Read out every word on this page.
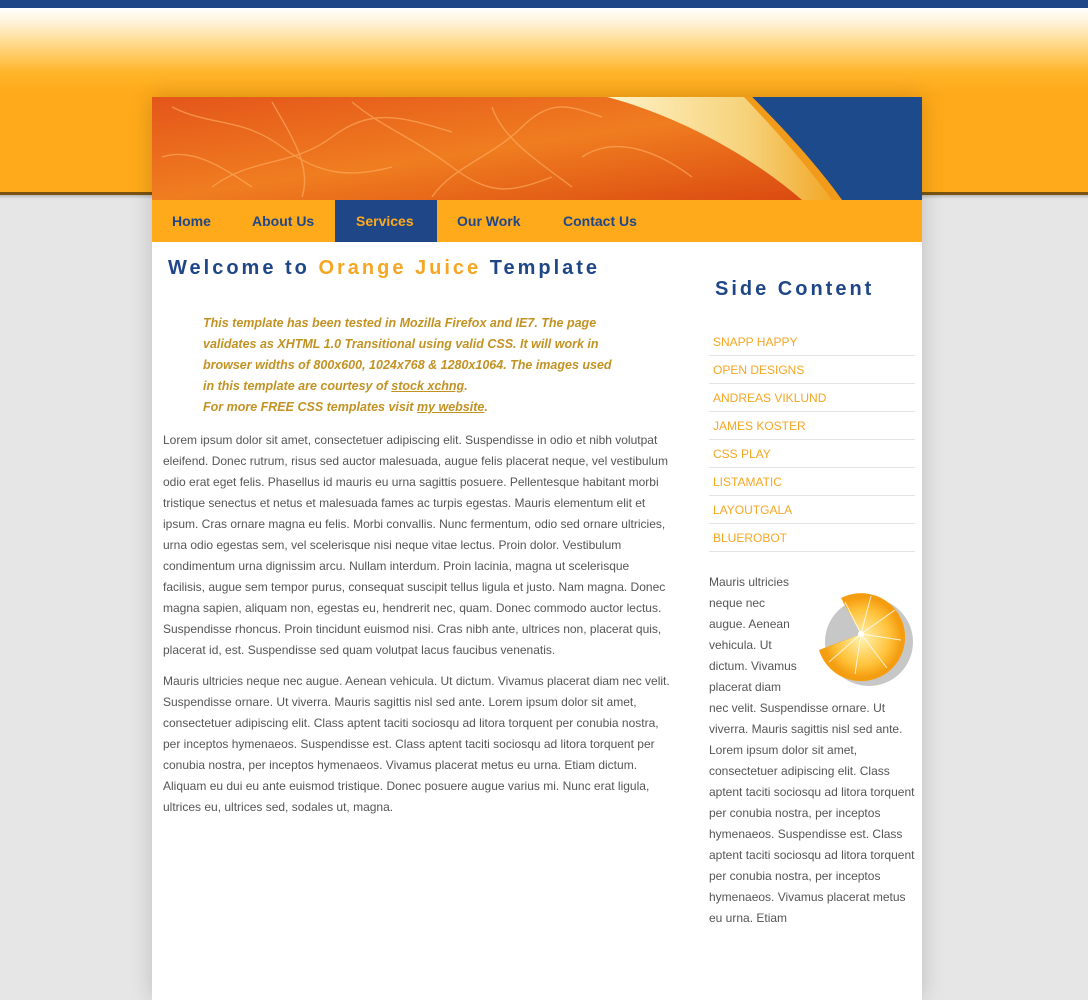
Home	About Us	Services	Our Work	Contact Us
Welcome to Orange Juice Template
This template has been tested in Mozilla Firefox and IE7. The page validates as XHTML 1.0 Transitional using valid CSS. It will work in browser widths of 800x600, 1024x768 & 1280x1064. The images used in this template are courtesy of stock xchng.
For more FREE CSS templates visit my website.

Lorem ipsum dolor sit amet, consectetuer adipiscing elit. Suspendisse in odio et nibh volutpat eleifend. Donec rutrum, risus sed auctor malesuada, augue felis placerat neque, vel vestibulum odio erat eget felis. Phasellus id mauris eu urna sagittis posuere. Pellentesque habitant morbi tristique senectus et netus et malesuada fames ac turpis egestas. Mauris elementum elit et ipsum. Cras ornare magna eu felis. Morbi convallis. Nunc fermentum, odio sed ornare ultricies, urna odio egestas sem, vel scelerisque nisi neque vitae lectus. Proin dolor. Vestibulum condimentum urna dignissim arcu. Nullam interdum. Proin lacinia, magna ut scelerisque facilisis, augue sem tempor purus, consequat suscipit tellus ligula et justo. Nam magna. Donec magna sapien, aliquam non, egestas eu, hendrerit nec, quam. Donec commodo auctor lectus. Suspendisse rhoncus. Proin tincidunt euismod nisi. Cras nibh ante, ultrices non, placerat quis, placerat id, est. Suspendisse sed quam volutpat lacus faucibus venenatis.

Mauris ultricies neque nec augue. Aenean vehicula. Ut dictum. Vivamus placerat diam nec velit. Suspendisse ornare. Ut viverra. Mauris sagittis nisl sed ante. Lorem ipsum dolor sit amet, consectetuer adipiscing elit. Class aptent taciti sociosqu ad litora torquent per conubia nostra, per inceptos hymenaeos. Suspendisse est. Class aptent taciti sociosqu ad litora torquent per conubia nostra, per inceptos hymenaeos. Vivamus placerat metus eu urna. Etiam dictum. Aliquam eu dui eu ante euismod tristique. Donec posuere augue varius mi. Nunc erat ligula, ultrices eu, ultrices sed, sodales ut, magna.

Side Content
SNAPP HAPPY
OPEN DESIGNS
ANDREAS VIKLUND
JAMES KOSTER
CSS PLAY
LISTAMATIC
LAYOUTGALA
BLUEROBOT
Mauris ultricies neque nec augue. Aenean vehicula. Ut dictum. Vivamus placerat diam nec velit. Suspendisse ornare. Ut viverra. Mauris sagittis nisl sed ante. Lorem ipsum dolor sit amet, consectetuer adipiscing elit. Class aptent taciti sociosqu ad litora torquent per conubia nostra, per inceptos hymenaeos. Suspendisse est. Class aptent taciti sociosqu ad litora torquent per conubia nostra, per inceptos hymenaeos. Vivamus placerat metus eu urna. Etiam
